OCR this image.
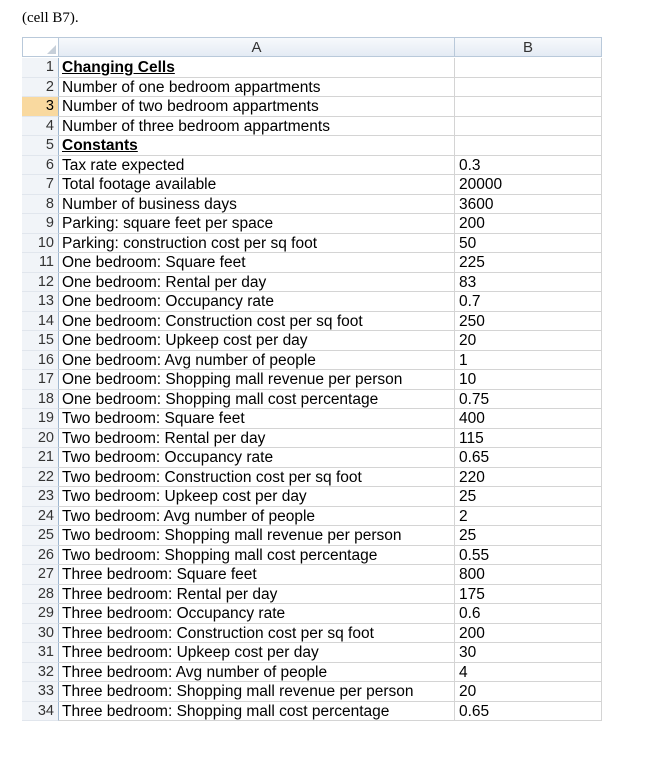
(cell B7).
A	B
1 Changing Cells
2 Number of one bedroom appartments
3 Number of two bedroom appartments
4 Number of three bedroom appartments
5 Constants
6 Tax rate expected	0.3
7 Total footage available	20000
8 Number of business days	3600
9 Parking: square feet per space	200
10 Parking: construction cost per sq foot	50
11 One bedroom: Square feet	225
12 One bedroom: Rental per day	83
13 One bedroom: Occupancy rate	0.7
14 One bedroom: Construction cost per sq foot	250
15 One bedroom: Upkeep cost per day	20
16 One bedroom: Avg number of people	1
17 One bedroom: Shopping mall revenue per person	10
18 One bedroom: Shopping mall cost percentage	0.75
19 Two bedroom: Square feet	400
20 Two bedroom: Rental per day	115
21 Two bedroom: Occupancy rate	0.65
22 Two bedroom: Construction cost per sq foot	220
23 Two bedroom: Upkeep cost per day	25
24 Two bedroom: Avg number of people	2
25 Two bedroom: Shopping mall revenue per person	25
26 Two bedroom: Shopping mall cost percentage	0.55
27 Three bedroom: Square feet	800
28 Three bedroom: Rental per day	175
29 Three bedroom: Occupancy rate	0.6
30 Three bedroom: Construction cost per sq foot	200
31 Three bedroom: Upkeep cost per day	30
32 Three bedroom: Avg number of people	4
33 Three bedroom: Shopping mall revenue per person	20
34 Three bedroom: Shopping mall cost percentage	0.65
